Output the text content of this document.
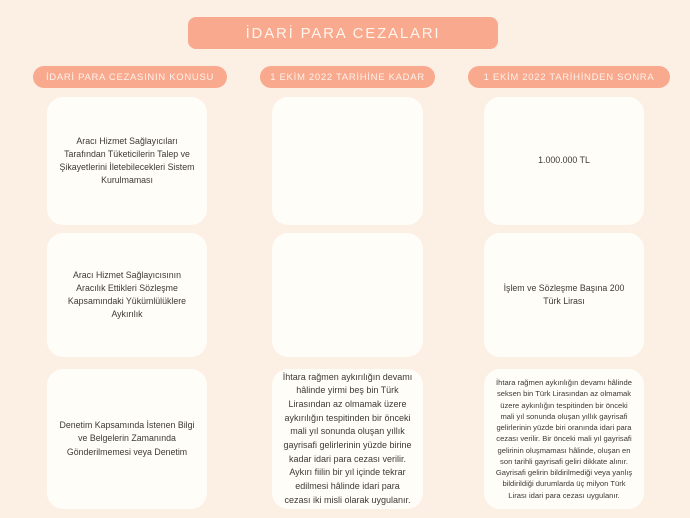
İDARİ PARA CEZALARI
İDARİ PARA CEZASININ KONUSU	1 EKİM 2022 TARİHİNE KADAR	1 EKİM 2022 TARİHİNDEN SONRA
Aracı Hizmet Sağlayıcıları Tarafından Tüketicilerin Talep ve Şikayetlerini İletebilecekleri Sistem Kurulmaması
1.000.000 TL
Aracı Hizmet Sağlayıcısının Aracılık Ettikleri Sözleşme Kapsamındaki Yükümlülüklere Aykırılık
İşlem ve Sözleşme Başına 200 Türk Lirası
Denetim Kapsamında İstenen Bilgi ve Belgelerin Zamanında Gönderilmemesi veya Denetim
İhtara rağmen aykırılığın devamı hâlinde yirmi beş bin Türk Lirasından az olmamak üzere aykırılığın tespitinden bir önceki mali yıl sonunda oluşan yıllık gayrisafi gelirlerinin yüzde birine kadar idari para cezası verilir. Aykırı fiilin bir yıl içinde tekrar edilmesi hâlinde idari para cezası iki misli olarak uygulanır.
İhtara rağmen aykırılığın devamı hâlinde seksen bin Türk Lirasından az olmamak üzere aykırılığın tespitinden bir önceki mali yıl sonunda oluşan yıllık gayrisafi gelirlerinin yüzde biri oranında idari para cezası verilir. Bir önceki mali yıl gayrisafi gelirinin oluşmaması hâlinde, oluşan en son tarihli gayrisafi geliri dikkate alınır. Gayrisafi gelirin bildirilmediği veya yanlış bildirildiği durumlarda üç milyon Türk Lirası idari para cezası uygulanır.
